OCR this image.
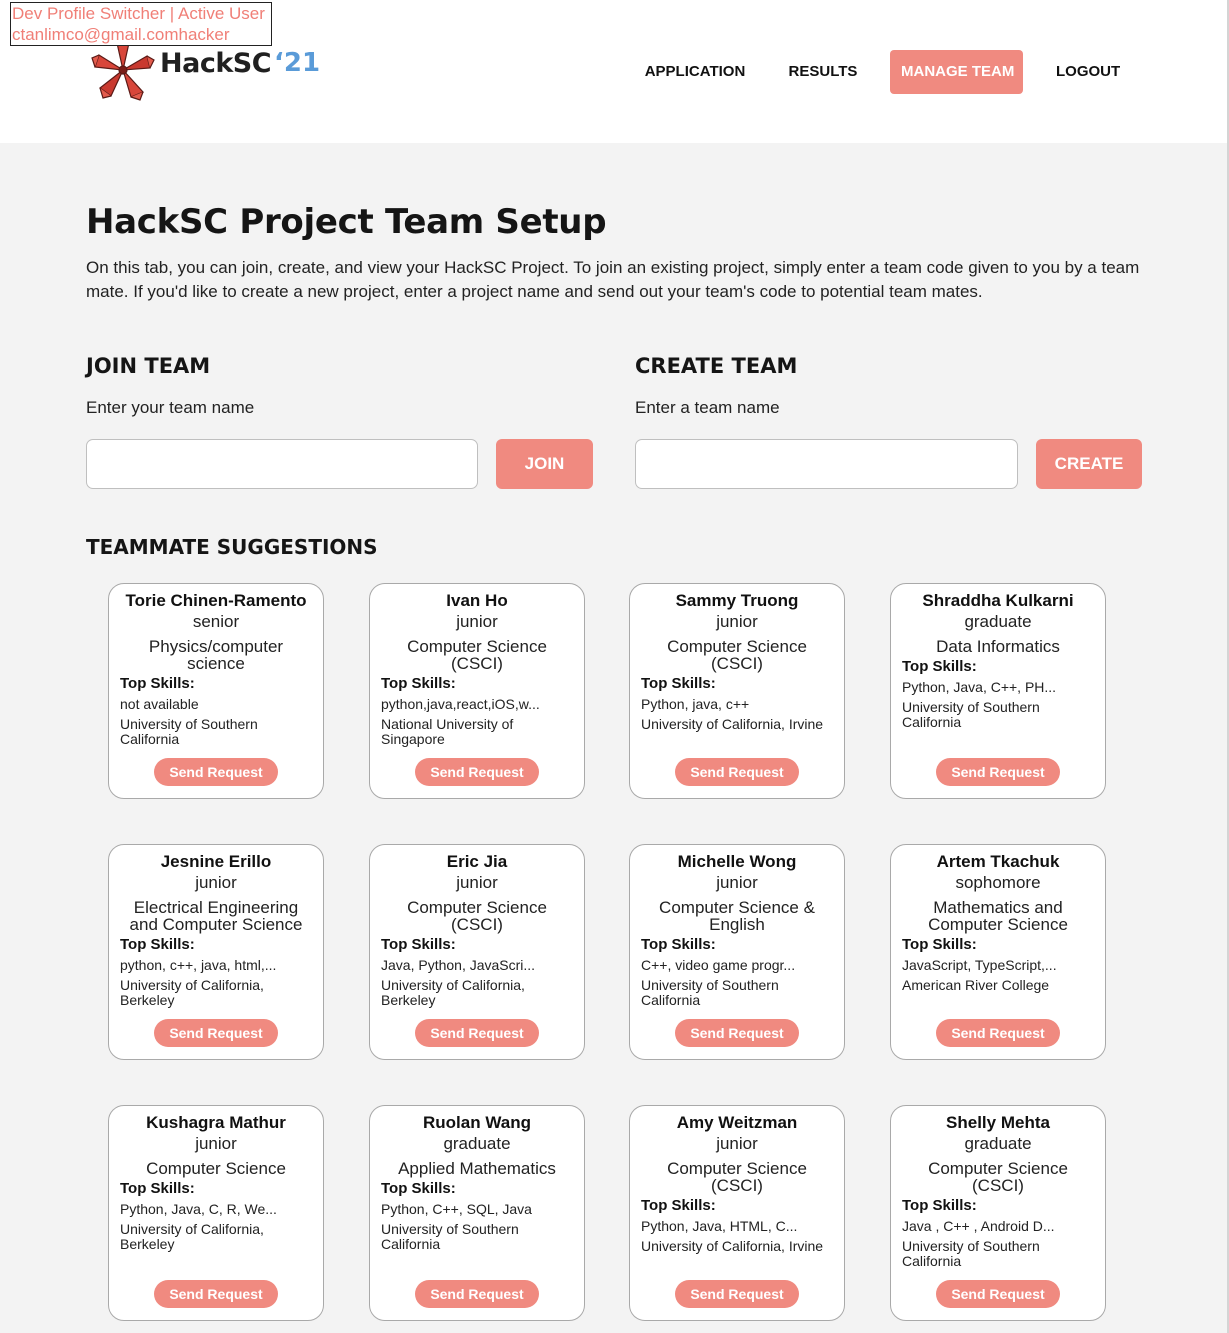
Dev Profile Switcher | Active User
ctanlimco@gmail.comhacker
HackSC ‘21	APPLICATION	RESULTS	MANAGE TEAM	LOGOUT
HackSC Project Team Setup

On this tab, you can join, create, and view your HackSC Project. To join an existing project, simply enter a team code given to you by a team mate. If you'd like to create a new project, enter a project name and send out your team's code to potential team mates.

JOIN TEAM
Enter your team name
JOIN
CREATE TEAM
Enter a team name
CREATE
TEAMMATE SUGGESTIONS
Torie Chinen-Ramento
senior
Physics/computer science
Top Skills:
not available
University of Southern California
Send Request
Ivan Ho
junior
Computer Science (CSCI)
Top Skills:
python,java,react,iOS,w...
National University of Singapore
Send Request
Sammy Truong
junior
Computer Science (CSCI)
Top Skills:
Python, java, c++
University of California, Irvine
Send Request
Shraddha Kulkarni
graduate
Data Informatics
Top Skills:
Python, Java, C++, PH...
University of Southern California
Send Request
Jesnine Erillo
junior
Electrical Engineering and Computer Science
Top Skills:
python, c++, java, html,...
University of California, Berkeley
Send Request
Eric Jia
junior
Computer Science (CSCI)
Top Skills:
Java, Python, JavaScri...
University of California, Berkeley
Send Request
Michelle Wong
junior
Computer Science & English
Top Skills:
C++, video game progr...
University of Southern California
Send Request
Artem Tkachuk
sophomore
Mathematics and Computer Science
Top Skills:
JavaScript, TypeScript,...
American River College
Send Request
Kushagra Mathur
junior
Computer Science
Top Skills:
Python, Java, C, R, We...
University of California, Berkeley
Send Request
Ruolan Wang
graduate
Applied Mathematics
Top Skills:
Python, C++, SQL, Java
University of Southern California
Send Request
Amy Weitzman
junior
Computer Science (CSCI)
Top Skills:
Python, Java, HTML, C...
University of California, Irvine
Send Request
Shelly Mehta
graduate
Computer Science (CSCI)
Top Skills:
Java , C++ , Android D...
University of Southern California
Send Request
